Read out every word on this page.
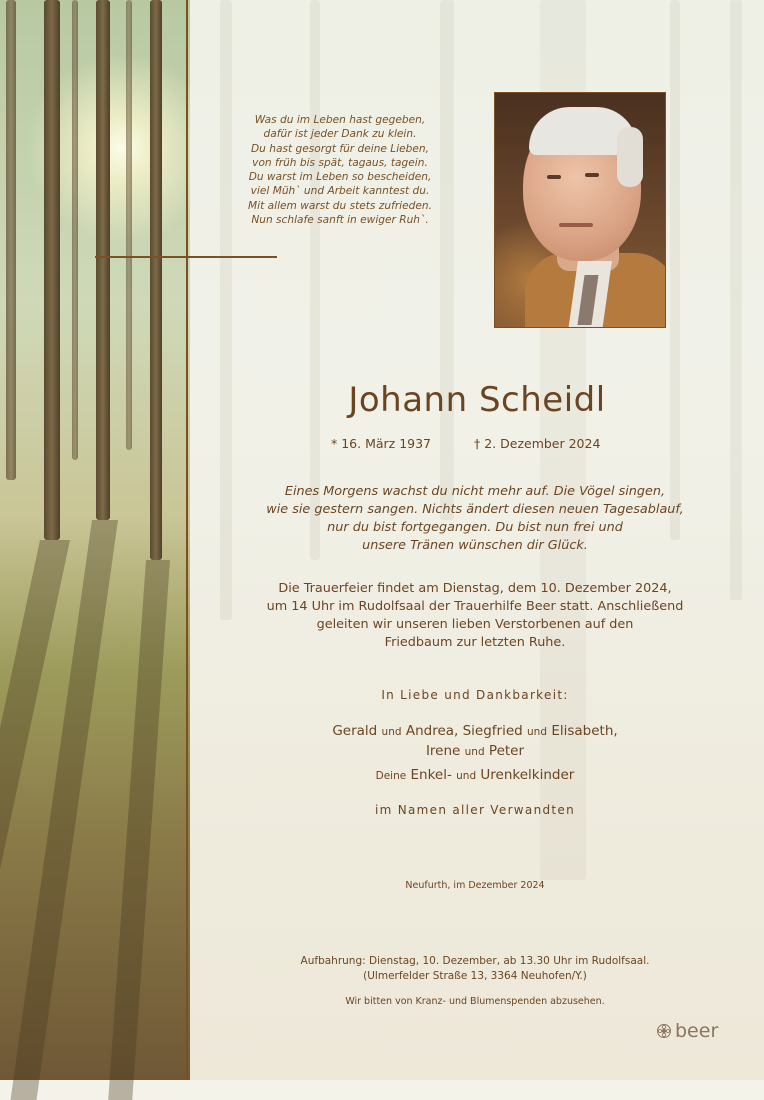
Was du im Leben hast gegeben,
dafür ist jeder Dank zu klein.
Du hast gesorgt für deine Lieben,
von früh bis spät, tagaus, tagein.
Du warst im Leben so bescheiden,
viel Müh` und Arbeit kanntest du.
Mit allem warst du stets zufrieden.
Nun schlafe sanft in ewiger Ruh`.
Johann Scheidl
* 16. März 1937	† 2. Dezember 2024
Eines Morgens wachst du nicht mehr auf. Die Vögel singen,
wie sie gestern sangen. Nichts ändert diesen neuen Tagesablauf,
nur du bist fortgegangen. Du bist nun frei und
unsere Tränen wünschen dir Glück.
Die Trauerfeier findet am Dienstag, dem 10. Dezember 2024,
um 14 Uhr im Rudolfsaal der Trauerhilfe Beer statt. Anschließend
geleiten wir unseren lieben Verstorbenen auf den
Friedbaum zur letzten Ruhe.
In Liebe und Dankbarkeit:
Gerald und Andrea, Siegfried und Elisabeth,
Irene und Peter
Deine Enkel- und Urenkelkinder
im Namen aller Verwandten
Neufurth, im Dezember 2024
Aufbahrung: Dienstag, 10. Dezember, ab 13.30 Uhr im Rudolfsaal.
(Ulmerfelder Straße 13, 3364 Neuhofen/Y.)
Wir bitten von Kranz- und Blumenspenden abzusehen.
beer
